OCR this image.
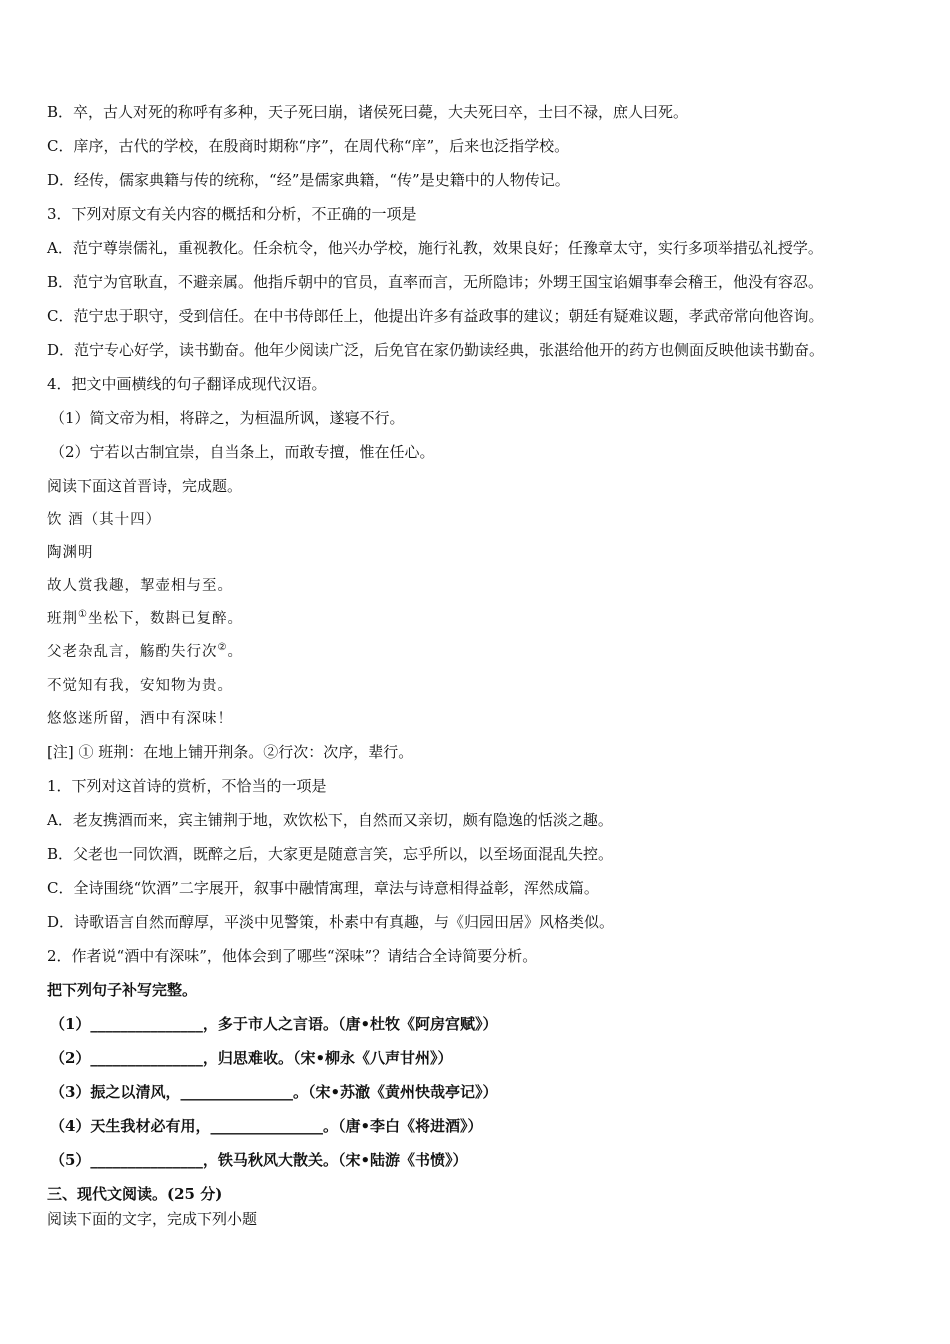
B．卒，古人对死的称呼有多种，天子死曰崩，诸侯死曰薨，大夫死曰卒，士曰不禄，庶人曰死。
C．庠序，古代的学校，在殷商时期称“序”，在周代称“庠”，后来也泛指学校。
D．经传，儒家典籍与传的统称，“经”是儒家典籍，“传”是史籍中的人物传记。
3．下列对原文有关内容的概括和分析，不正确的一项是
A．范宁尊崇儒礼，重视教化。任余杭令，他兴办学校，施行礼教，效果良好；任豫章太守，实行多项举措弘礼授学。
B．范宁为官耿直，不避亲属。他指斥朝中的官员，直率而言，无所隐讳；外甥王国宝谄媚事奉会稽王，他没有容忍。
C．范宁忠于职守，受到信任。在中书侍郎任上，他提出许多有益政事的建议；朝廷有疑难议题，孝武帝常向他咨询。
D．范宁专心好学，读书勤奋。他年少阅读广泛，后免官在家仍勤读经典，张湛给他开的药方也侧面反映他读书勤奋。
4．把文中画横线的句子翻译成现代汉语。
（1）简文帝为相，将辟之，为桓温所讽，遂寝不行。
（2）宁若以古制宜崇，自当条上，而敢专擅，惟在任心。
阅读下面这首晋诗，完成题。
饮 酒（其十四）
陶渊明
故人赏我趣，挈壶相与至。
班荆①坐松下，数斟已复醉。
父老杂乱言，觞酌失行次②。
不觉知有我，安知物为贵。
悠悠迷所留，酒中有深味！
[注] ① 班荆：在地上铺开荆条。②行次：次序，辈行。
1．下列对这首诗的赏析，不恰当的一项是
A．老友携酒而来，宾主铺荆于地，欢饮松下，自然而又亲切，颇有隐逸的恬淡之趣。
B．父老也一同饮酒，既醉之后，大家更是随意言笑，忘乎所以，以至场面混乱失控。
C．全诗围绕“饮酒”二字展开，叙事中融情寓理，章法与诗意相得益彰，浑然成篇。
D．诗歌语言自然而醇厚，平淡中见警策，朴素中有真趣，与《归园田居》风格类似。
2．作者说“酒中有深味”，他体会到了哪些“深味”？请结合全诗简要分析。
把下列句子补写完整。
（1）_______________，多于市人之言语。（唐•杜牧《阿房宫赋》）
（2）_______________，归思难收。（宋•柳永《八声甘州》）
（3）振之以清风，_______________。（宋•苏澈《黄州快哉亭记》）
（4）天生我材必有用，_______________。（唐•李白《将进酒》）
（5）_______________，铁马秋风大散关。（宋•陆游《书愤》）
三、现代文阅读。(25 分)
阅读下面的文字，完成下列小题
